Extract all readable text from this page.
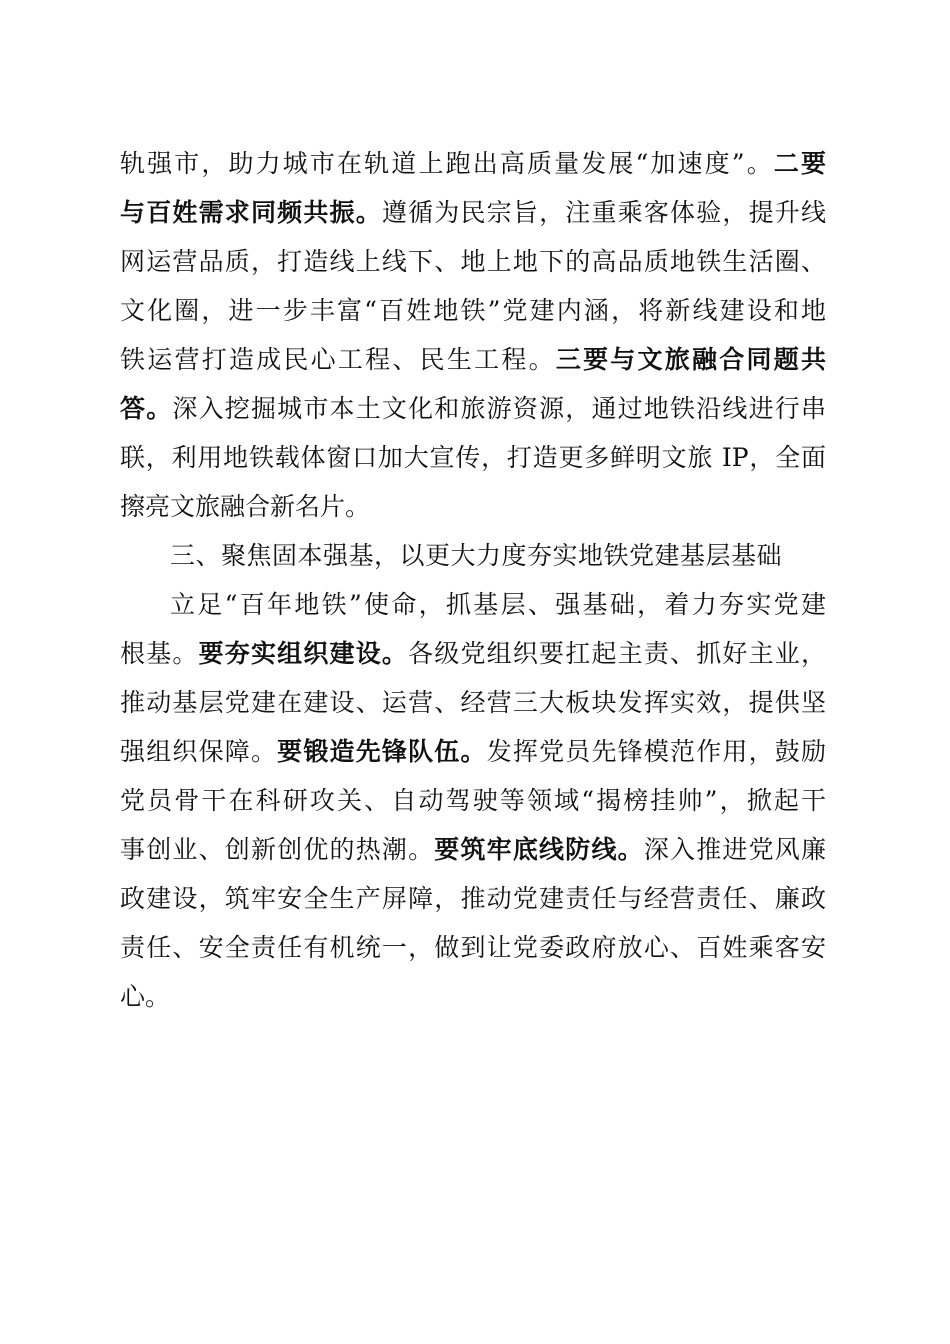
轨强市，助力城市在轨道上跑出高质量发展“加速度”。二要
与百姓需求同频共振。遵循为民宗旨，注重乘客体验，提升线
网运营品质，打造线上线下、地上地下的高品质地铁生活圈、
文化圈，进一步丰富“百姓地铁”党建内涵，将新线建设和地
铁运营打造成民心工程、民生工程。三要与文旅融合同题共
答。深入挖掘城市本土文化和旅游资源，通过地铁沿线进行串
联，利用地铁载体窗口加大宣传，打造更多鲜明文旅 IP，全面
擦亮文旅融合新名片。
三、聚焦固本强基，以更大力度夯实地铁党建基层基础
立足“百年地铁”使命，抓基层、强基础，着力夯实党建
根基。要夯实组织建设。各级党组织要扛起主责、抓好主业，
推动基层党建在建设、运营、经营三大板块发挥实效，提供坚
强组织保障。要锻造先锋队伍。发挥党员先锋模范作用，鼓励
党员骨干在科研攻关、自动驾驶等领域“揭榜挂帅”，掀起干
事创业、创新创优的热潮。要筑牢底线防线。深入推进党风廉
政建设，筑牢安全生产屏障，推动党建责任与经营责任、廉政
责任、安全责任有机统一，做到让党委政府放心、百姓乘客安
心。
